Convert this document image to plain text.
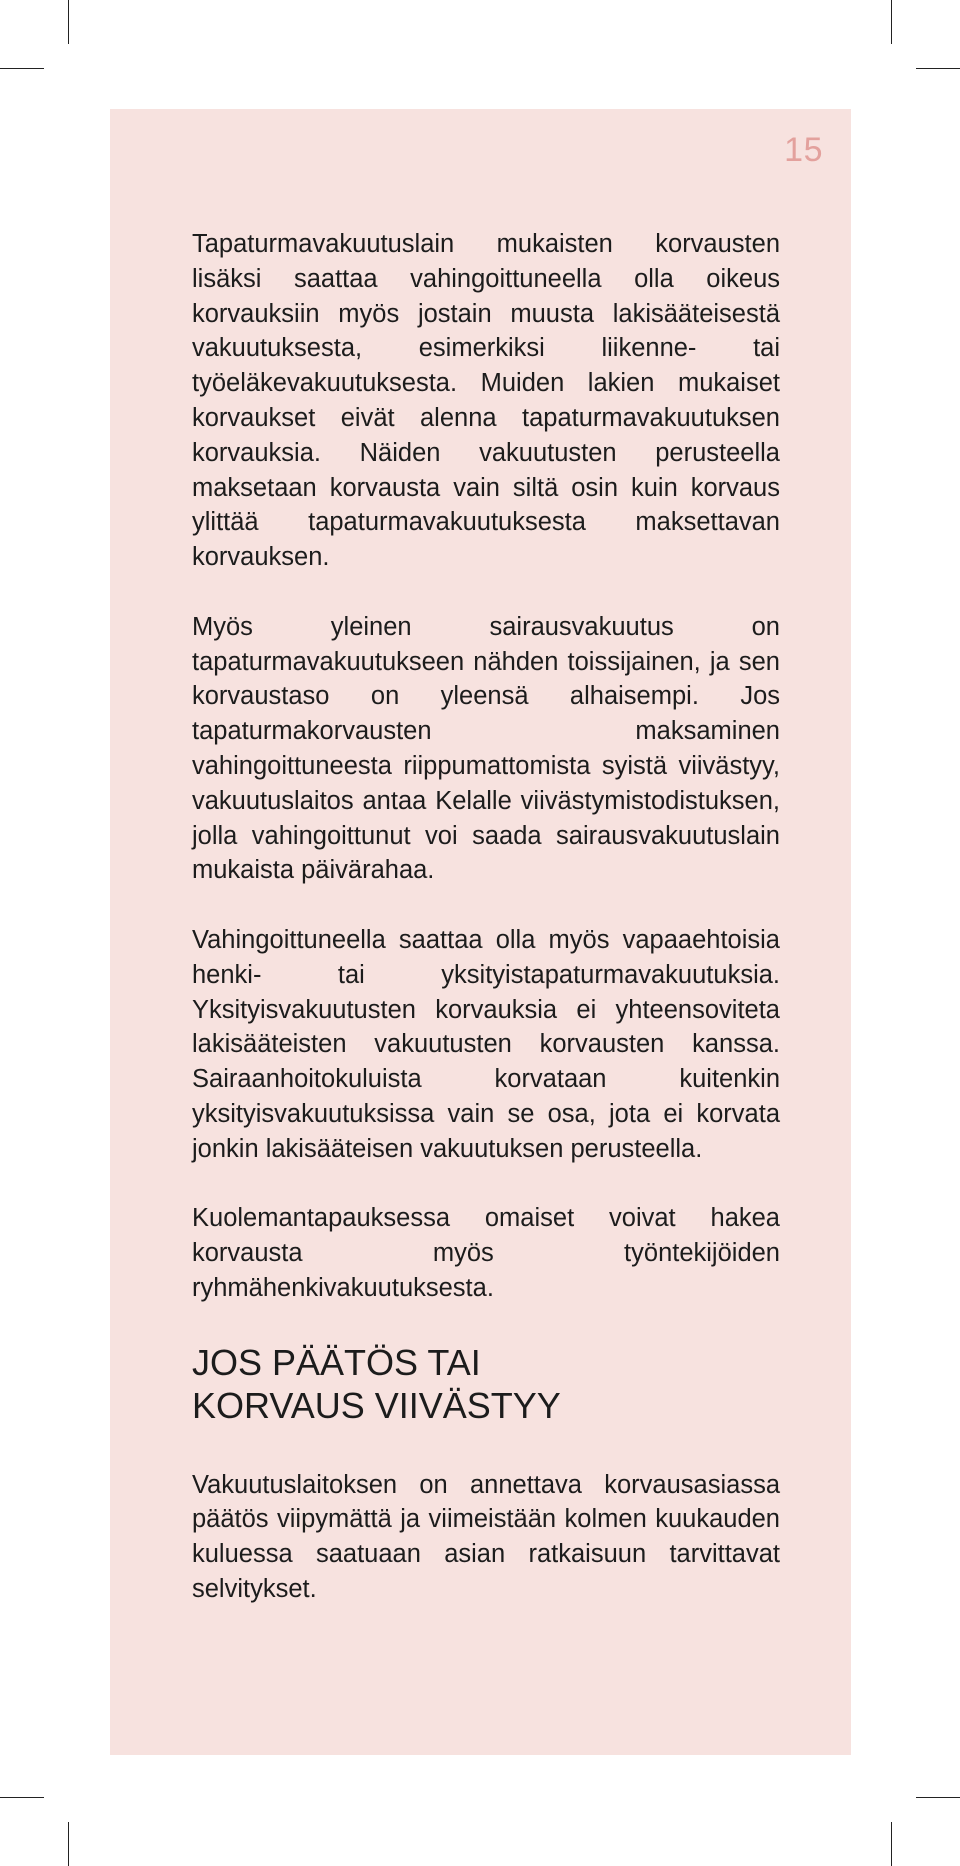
15

Tapaturmavakuutuslain mukaisten korvausten lisäksi saattaa vahingoittuneella olla oikeus korvauksiin myös jostain muusta lakisääteisestä vakuutuksesta, esimerkiksi liikenne- tai työeläkevakuutuksesta. Muiden lakien mukaiset korvaukset eivät alenna tapaturmavakuutuksen korvauksia. Näiden vakuutusten perusteella maksetaan korvausta vain siltä osin kuin korvaus ylittää tapaturmavakuutuksesta maksettavan korvauksen.

Myös yleinen sairausvakuutus on tapaturmavakuutukseen nähden toissijainen, ja sen korvaustaso on yleensä alhaisempi. Jos tapaturmakorvausten maksaminen vahingoittuneesta riippumattomista syistä viivästyy, vakuutuslaitos antaa Kelalle viivästymistodistuksen, jolla vahingoittunut voi saada sairausvakuutuslain mukaista päivärahaa.

Vahingoittuneella saattaa olla myös vapaaehtoisia henki- tai yksityistapaturmavakuutuksia. Yksityisvakuutusten korvauksia ei yhteensoviteta lakisääteisten vakuutusten korvausten kanssa. Sairaanhoitokuluista korvataan kuitenkin yksityisvakuutuksissa vain se osa, jota ei korvata jonkin lakisääteisen vakuutuksen perusteella.

Kuolemantapauksessa omaiset voivat hakea korvausta myös työntekijöiden ryhmähenkivakuutuksesta.

JOS PÄÄTÖS TAI KORVAUS VIIVÄSTYY

Vakuutuslaitoksen on annettava korvausasiassa päätös viipymättä ja viimeistään kolmen kuukauden kuluessa saatuaan asian ratkaisuun tarvittavat selvitykset.
